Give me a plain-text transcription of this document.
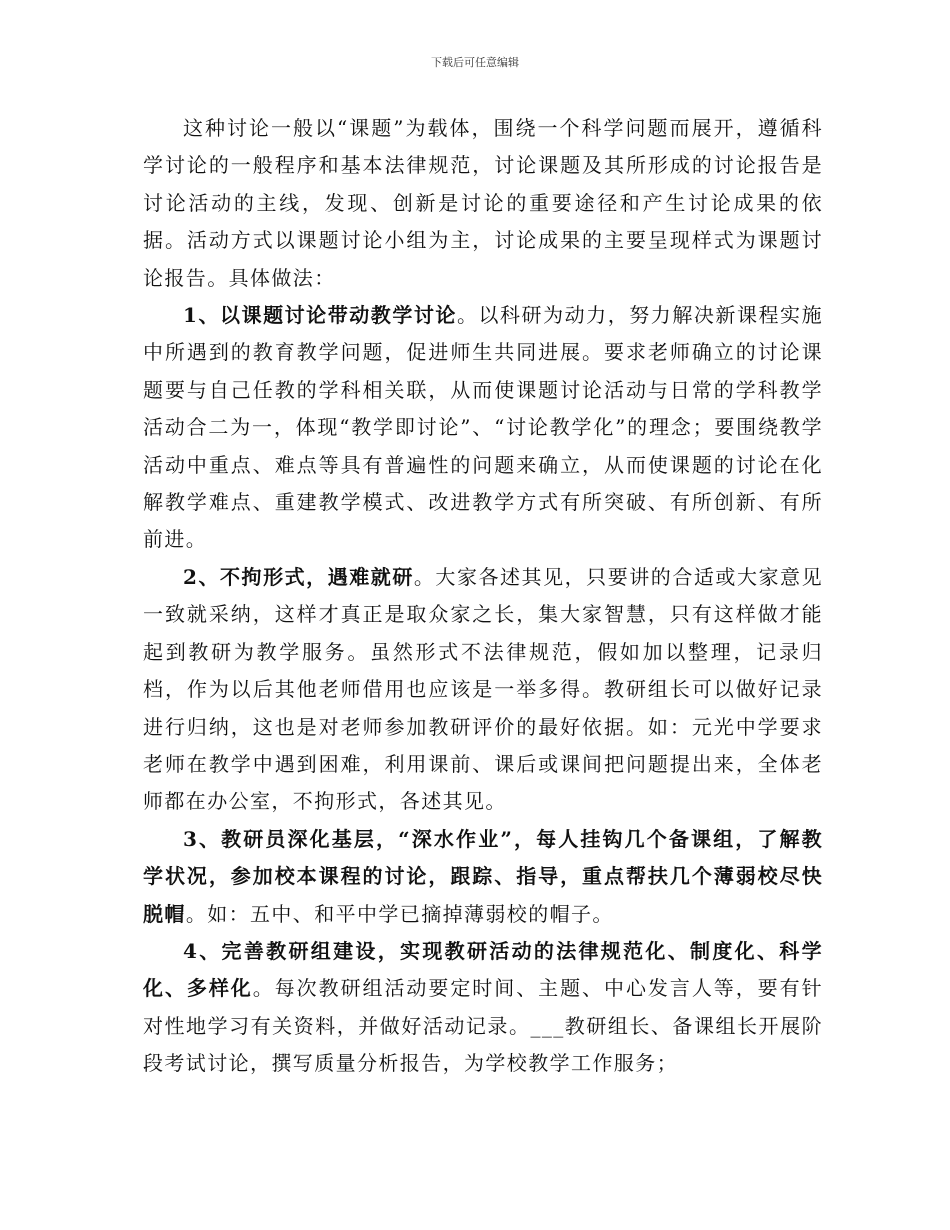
下载后可任意编辑

这种讨论一般以“课题”为载体，围绕一个科学问题而展开，遵循科学讨论的一般程序和基本法律规范，讨论课题及其所形成的讨论报告是讨论活动的主线，发现、创新是讨论的重要途径和产生讨论成果的依据。活动方式以课题讨论小组为主，讨论成果的主要呈现样式为课题讨论报告。具体做法：

1、以课题讨论带动教学讨论。以科研为动力，努力解决新课程实施中所遇到的教育教学问题，促进师生共同进展。要求老师确立的讨论课题要与自己任教的学科相关联，从而使课题讨论活动与日常的学科教学活动合二为一，体现“教学即讨论”、“讨论教学化”的理念；要围绕教学活动中重点、难点等具有普遍性的问题来确立，从而使课题的讨论在化解教学难点、重建教学模式、改进教学方式有所突破、有所创新、有所前进。

2、不拘形式，遇难就研。大家各述其见，只要讲的合适或大家意见一致就采纳，这样才真正是取众家之长，集大家智慧，只有这样做才能起到教研为教学服务。虽然形式不法律规范，假如加以整理，记录归档，作为以后其他老师借用也应该是一举多得。教研组长可以做好记录进行归纳，这也是对老师参加教研评价的最好依据。如：元光中学要求老师在教学中遇到困难，利用课前、课后或课间把问题提出来，全体老师都在办公室，不拘形式，各述其见。

3、教研员深化基层，“深水作业”，每人挂钩几个备课组，了解教学状况，参加校本课程的讨论，跟踪、指导，重点帮扶几个薄弱校尽快脱帽。如：五中、和平中学已摘掉薄弱校的帽子。

4、完善教研组建设，实现教研活动的法律规范化、制度化、科学化、多样化。每次教研组活动要定时间、主题、中心发言人等，要有针对性地学习有关资料，并做好活动记录。___教研组长、备课组长开展阶段考试讨论，撰写质量分析报告，为学校教学工作服务；
